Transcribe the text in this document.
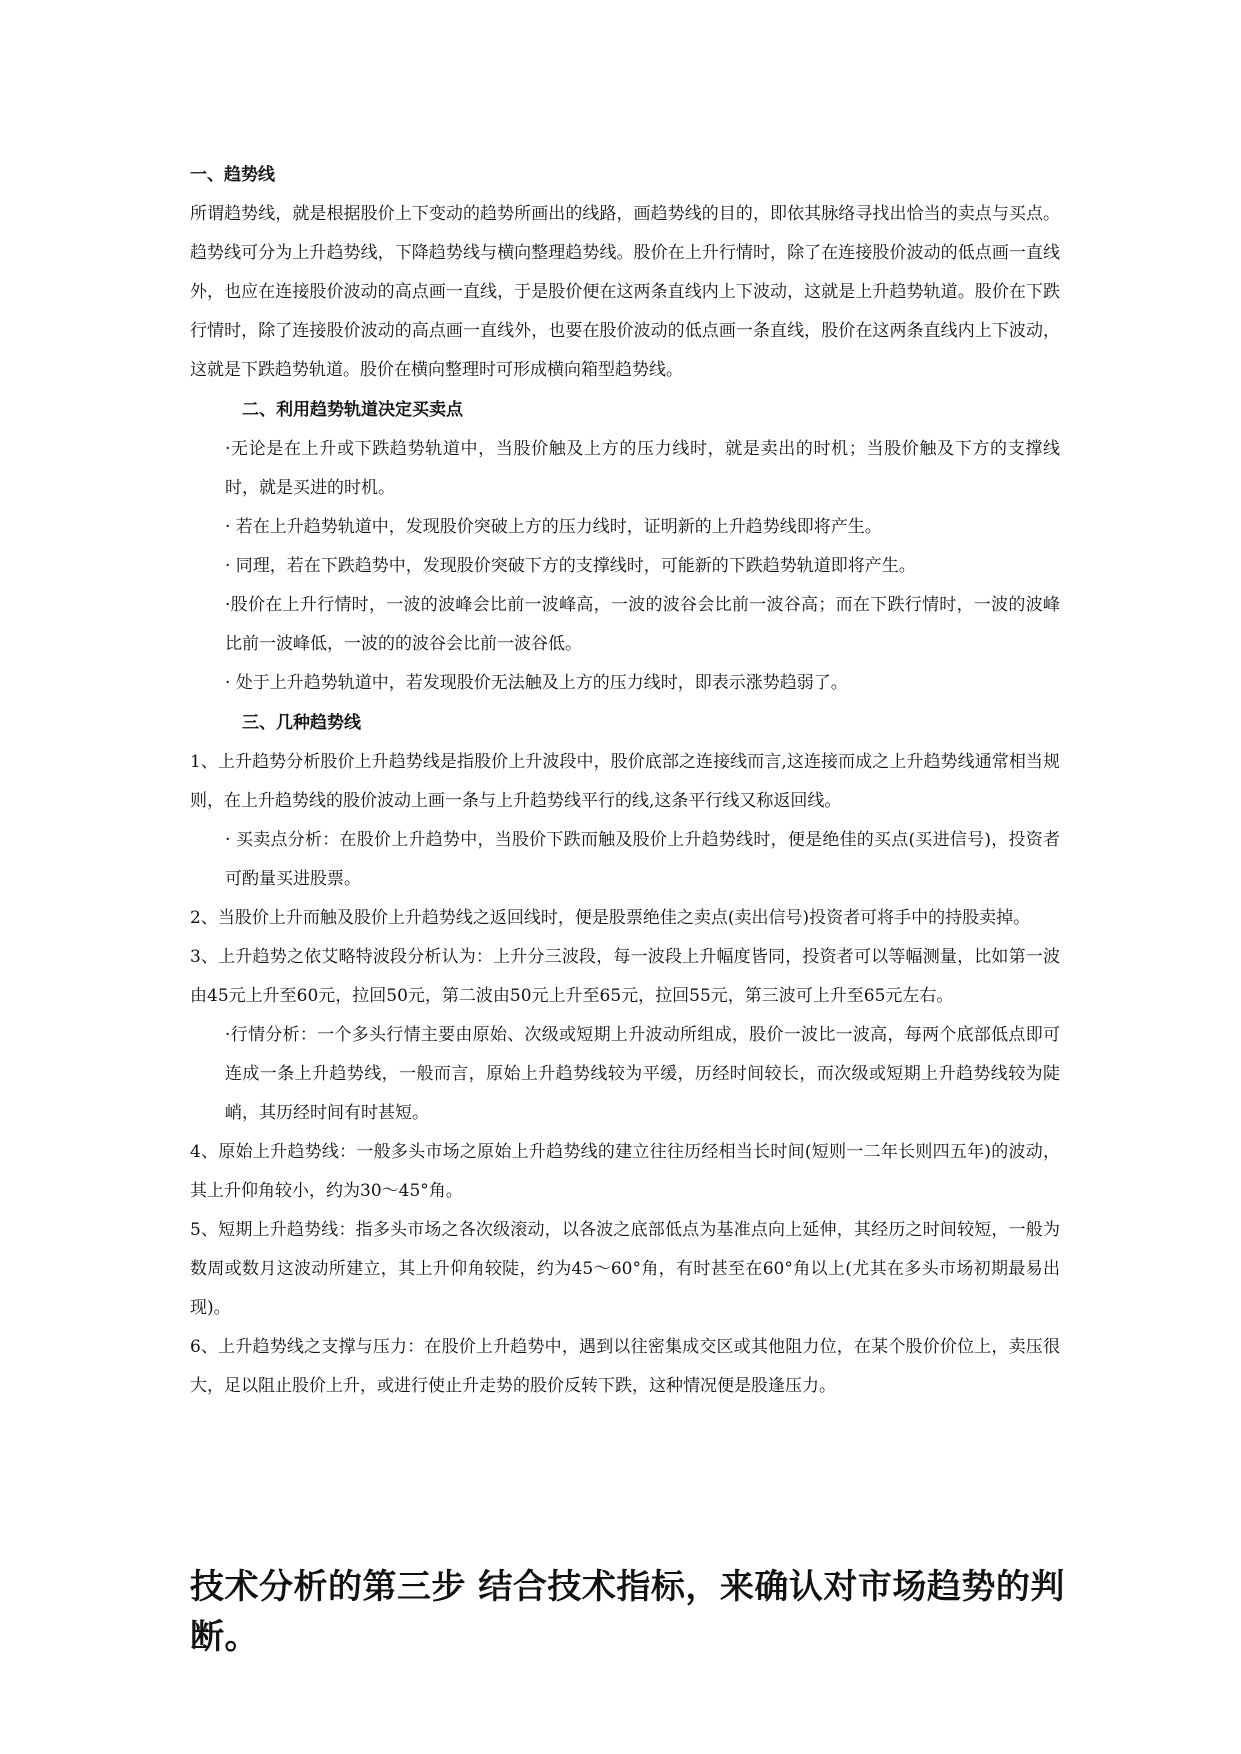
一、趋势线

所谓趋势线，就是根据股价上下变动的趋势所画出的线路，画趋势线的目的，即依其脉络寻找出恰当的卖点与买点。趋势线可分为上升趋势线，下降趋势线与横向整理趋势线。股价在上升行情时，除了在连接股价波动的低点画一直线外，也应在连接股价波动的高点画一直线，于是股价便在这两条直线内上下波动，这就是上升趋势轨道。股价在下跌行情时，除了连接股价波动的高点画一直线外，也要在股价波动的低点画一条直线，股价在这两条直线内上下波动，这就是下跌趋势轨道。股价在横向整理时可形成横向箱型趋势线。

二、利用趋势轨道决定买卖点

·无论是在上升或下跌趋势轨道中，当股价触及上方的压力线时，就是卖出的时机；当股价触及下方的支撑线时，就是买进的时机。

· 若在上升趋势轨道中，发现股价突破上方的压力线时，证明新的上升趋势线即将产生。

· 同理，若在下跌趋势中，发现股价突破下方的支撑线时，可能新的下跌趋势轨道即将产生。

·股价在上升行情时，一波的波峰会比前一波峰高，一波的波谷会比前一波谷高；而在下跌行情时，一波的波峰比前一波峰低，一波的的波谷会比前一波谷低。

· 处于上升趋势轨道中，若发现股价无法触及上方的压力线时，即表示涨势趋弱了。

三、几种趋势线

1、上升趋势分析股价上升趋势线是指股价上升波段中，股价底部之连接线而言,这连接而成之上升趋势线通常相当规则，在上升趋势线的股价波动上画一条与上升趋势线平行的线,这条平行线又称返回线。

· 买卖点分析：在股价上升趋势中，当股价下跌而触及股价上升趋势线时，便是绝佳的买点(买进信号)，投资者可酌量买进股票。

2、当股价上升而触及股价上升趋势线之返回线时，便是股票绝佳之卖点(卖出信号)投资者可将手中的持股卖掉。

3、上升趋势之依艾略特波段分析认为：上升分三波段，每一波段上升幅度皆同，投资者可以等幅测量，比如第一波由45元上升至60元，拉回50元，第二波由50元上升至65元，拉回55元，第三波可上升至65元左右。

·行情分析：一个多头行情主要由原始、次级或短期上升波动所组成，股价一波比一波高，每两个底部低点即可连成一条上升趋势线，一般而言，原始上升趋势线较为平缓，历经时间较长，而次级或短期上升趋势线较为陡峭，其历经时间有时甚短。

4、原始上升趋势线：一般多头市场之原始上升趋势线的建立往往历经相当长时间(短则一二年长则四五年)的波动，其上升仰角较小，约为30～45°角。

5、短期上升趋势线：指多头市场之各次级滚动，以各波之底部低点为基准点向上延伸，其经历之时间较短，一般为数周或数月这波动所建立，其上升仰角较陡，约为45～60°角，有时甚至在60°角以上(尤其在多头市场初期最易出现)。

6、上升趋势线之支撑与压力：在股价上升趋势中，遇到以往密集成交区或其他阻力位，在某个股价价位上，卖压很大，足以阻止股价上升，或进行使止升走势的股价反转下跌，这种情况便是股逢压力。

技术分析的第三步 结合技术指标，来确认对市场趋势的判断。
